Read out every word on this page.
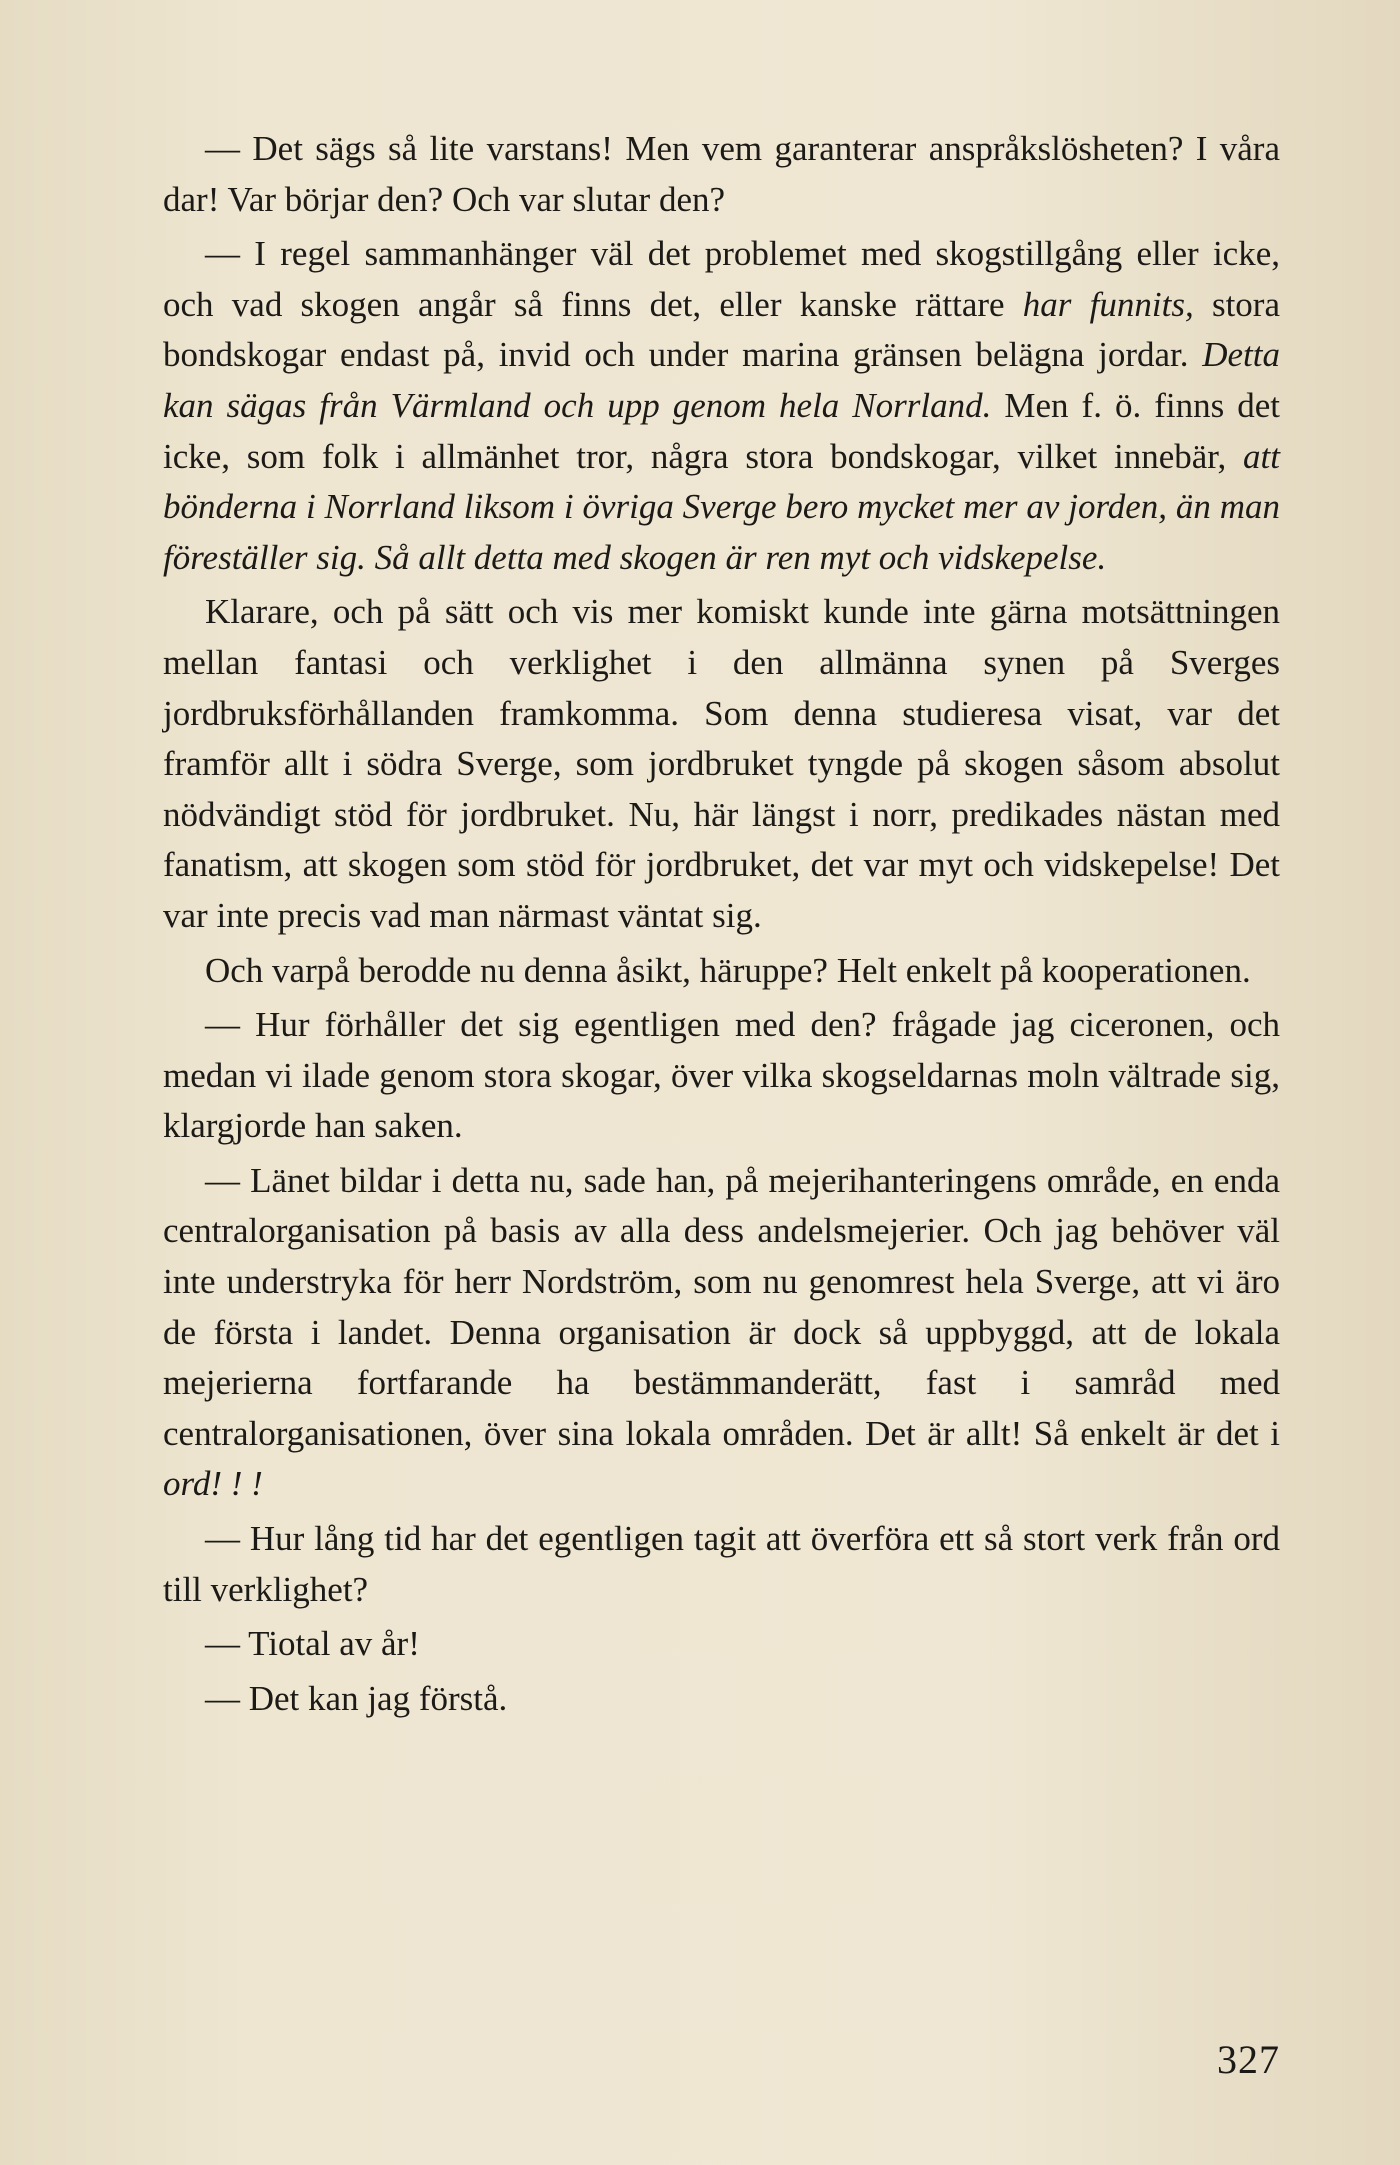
— Det sägs så lite varstans! Men vem garanterar anspråkslösheten? I våra dar! Var börjar den? Och var slutar den?

— I regel sammanhänger väl det problemet med skogstillgång eller icke, och vad skogen angår så finns det, eller kanske rättare har funnits, stora bondskogar endast på, invid och under marina gränsen belägna jordar. Detta kan sägas från Värmland och upp genom hela Norrland. Men f. ö. finns det icke, som folk i allmänhet tror, några stora bondskogar, vilket innebär, att bönderna i Norrland liksom i övriga Sverge bero mycket mer av jorden, än man föreställer sig. Så allt detta med skogen är ren myt och vidskepelse.

Klarare, och på sätt och vis mer komiskt kunde inte gärna motsättningen mellan fantasi och verklighet i den allmänna synen på Sverges jordbruksförhållanden framkomma. Som denna studieresa visat, var det framför allt i södra Sverge, som jordbruket tyngde på skogen såsom absolut nödvändigt stöd för jordbruket. Nu, här längst i norr, predikades nästan med fanatism, att skogen som stöd för jordbruket, det var myt och vidskepelse! Det var inte precis vad man närmast väntat sig.

Och varpå berodde nu denna åsikt, häruppe? Helt enkelt på kooperationen.

— Hur förhåller det sig egentligen med den? frågade jag ciceronen, och medan vi ilade genom stora skogar, över vilka skogseldarnas moln vältrade sig, klargjorde han saken.

— Länet bildar i detta nu, sade han, på mejerihanteringens område, en enda centralorganisation på basis av alla dess andelsmejerier. Och jag behöver väl inte understryka för herr Nordström, som nu genomrest hela Sverge, att vi äro de första i landet. Denna organisation är dock så uppbyggd, att de lokala mejerierna fortfarande ha bestämmanderätt, fast i samråd med centralorganisationen, över sina lokala områden. Det är allt! Så enkelt är det i ord! ! !

— Hur lång tid har det egentligen tagit att överföra ett så stort verk från ord till verklighet?

— Tiotal av år!

— Det kan jag förstå.

327
